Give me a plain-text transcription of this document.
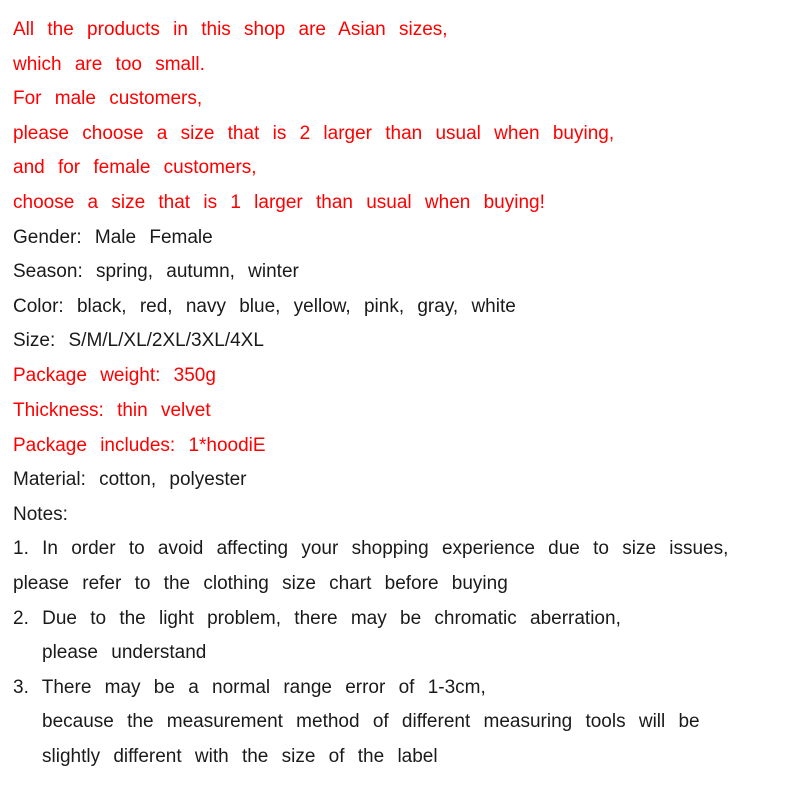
All the products in this shop are Asian sizes,
which are too small.
For male customers,
please choose a size that is 2 larger than usual when buying,
and for female customers,
choose a size that is 1 larger than usual when buying!
Gender: Male Female
Season: spring, autumn, winter
Color: black, red, navy blue, yellow, pink, gray, white
Size: S/M/L/XL/2XL/3XL/4XL
Package weight: 350g
Thickness: thin velvet
Package includes: 1*hoodiE
Material: cotton, polyester
Notes:
1. In order to avoid affecting your shopping experience due to size issues,
please refer to the clothing size chart before buying
2. Due to the light problem, there may be chromatic aberration,
please understand
3. There may be a normal range error of 1-3cm,
because the measurement method of different measuring tools will be
slightly different with the size of the label
